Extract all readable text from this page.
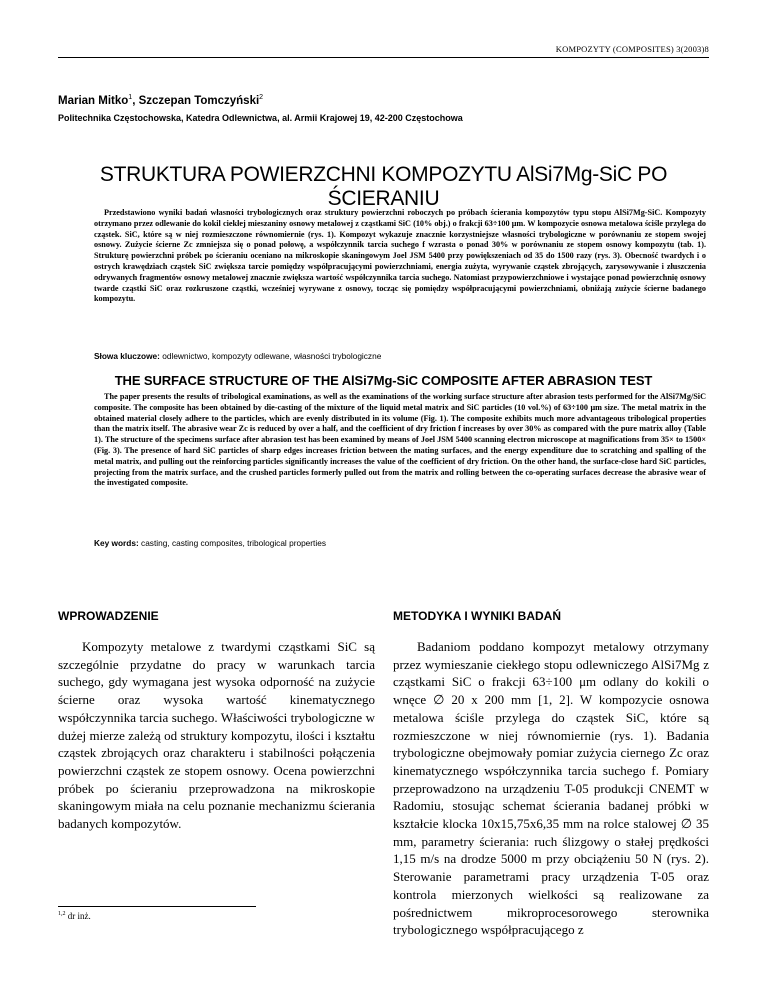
KOMPOZYTY (COMPOSITES) 3(2003)8
Marian Mitko$^1$, Szczepan Tomczyński$^2$
Politechnika Częstochowska, Katedra Odlewnictwa, al. Armii Krajowej 19, 42-200 Częstochowa
STRUKTURA POWIERZCHNI KOMPOZYTU AlSi7Mg-SiC PO ŚCIERANIU

Przedstawiono wyniki badań własności trybologicznych oraz struktury powierzchni roboczych po próbach ścierania kompozytów typu stopu AlSi7Mg-SiC. Kompozyty otrzymano przez odlewanie do kokil ciekłej mieszaniny osnowy metalowej z cząstkami SiC (10% obj.) o frakcji 63÷100 μm. W kompozycie osnowa metalowa ściśle przylega do cząstek. SiC, które są w niej rozmieszczone równomiernie (rys. 1). Kompozyt wykazuje znacznie korzystniejsze własności trybologiczne w porównaniu ze stopem swojej osnowy. Zużycie ścierne Zc zmniejsza się o ponad połowę, a współczynnik tarcia suchego f wzrasta o ponad 30% w porównaniu ze stopem osnowy kompozytu (tab. 1). Strukturę powierzchni próbek po ścieraniu oceniano na mikroskopie skaningowym Joel JSM 5400 przy powiększeniach od 35 do 1500 razy (rys. 3). Obecność twardych i o ostrych krawędziach cząstek SiC zwiększa tarcie pomiędzy współpracującymi powierzchniami, energia zużyta, wyrywanie cząstek zbrojących, zarysowywanie i złuszczenia odrywanych fragmentów osnowy metalowej znacznie zwiększa wartość współczynnika tarcia suchego. Natomiast przypowierzchniowe i wystające ponad powierzchnię osnowy twarde cząstki SiC oraz rozkruszone cząstki, wcześniej wyrywane z osnowy, tocząc się pomiędzy współpracującymi powierzchniami, obniżają zużycie ścierne badanego kompozytu.

Słowa kluczowe: odlewnictwo, kompozyty odlewane, własności trybologiczne
THE SURFACE STRUCTURE OF THE AlSi7Mg-SiC COMPOSITE AFTER ABRASION TEST

The paper presents the results of tribological examinations, as well as the examinations of the working surface structure after abrasion tests performed for the AlSi7Mg/SiC composite. The composite has been obtained by die-casting of the mixture of the liquid metal matrix and SiC particles (10 vol.%) of 63÷100 μm size. The metal matrix in the obtained material closely adhere to the particles, which are evenly distributed in its volume (Fig. 1). The composite exhibits much more advantageous tribological properties than the matrix itself. The abrasive wear Zc is reduced by over a half, and the coefficient of dry friction f increases by over 30% as compared with the pure matrix alloy (Table 1). The structure of the specimens surface after abrasion test has been examined by means of Joel JSM 5400 scanning electron microscope at magnifications from 35× to 1500× (Fig. 3). The presence of hard SiC particles of sharp edges increases friction between the mating surfaces, and the energy expenditure due to scratching and spalling of the metal matrix, and pulling out the reinforcing particles significantly increases the value of the coefficient of dry friction. On the other hand, the surface-close hard SiC particles, projecting from the matrix surface, and the crushed particles formerly pulled out from the matrix and rolling between the co-operating surfaces decrease the abrasive wear of the investigated composite.

Key words: casting, casting composites, tribological properties
WPROWADZENIE	METODYKA I WYNIKI BADAŃ

Kompozyty metalowe z twardymi cząstkami SiC są szczególnie przydatne do pracy w warunkach tarcia suchego, gdy wymagana jest wysoka odporność na zużycie ścierne oraz wysoka wartość kinematycznego współczynnika tarcia suchego. Właściwości trybologiczne w dużej mierze zależą od struktury kompozytu, ilości i kształtu cząstek zbrojących oraz charakteru i stabilności połączenia powierzchni cząstek ze stopem osnowy. Ocena powierzchni próbek po ścieraniu przeprowadzona na mikroskopie skaningowym miała na celu poznanie mechanizmu ścierania badanych kompozytów.

Badaniom poddano kompozyt metalowy otrzymany przez wymieszanie ciekłego stopu odlewniczego AlSi7Mg z cząstkami SiC o frakcji 63÷100 μm odlany do kokili o wnęce ∅ 20 x 200 mm [1, 2]. W kompozycie osnowa metalowa ściśle przylega do cząstek SiC, które są rozmieszczone w niej równomiernie (rys. 1). Badania trybologiczne obejmowały pomiar zużycia ciernego Zc oraz kinematycznego współczynnika tarcia suchego f. Pomiary przeprowadzono na urządzeniu T-05 produkcji CNEMT w Radomiu, stosując schemat ścierania badanej próbki w kształcie klocka 10x15,75x6,35 mm na rolce stalowej ∅ 35 mm, parametry ścierania: ruch ślizgowy o stałej prędkości 1,15 m/s na drodze 5000 m przy obciążeniu 50 N (rys. 2). Sterowanie parametrami pracy urządzenia T-05 oraz kontrola mierzonych wielkości są realizowane za pośrednictwem mikroprocesorowego sterownika trybologicznego współpracującego z

$^{1,2}$ dr inż.
